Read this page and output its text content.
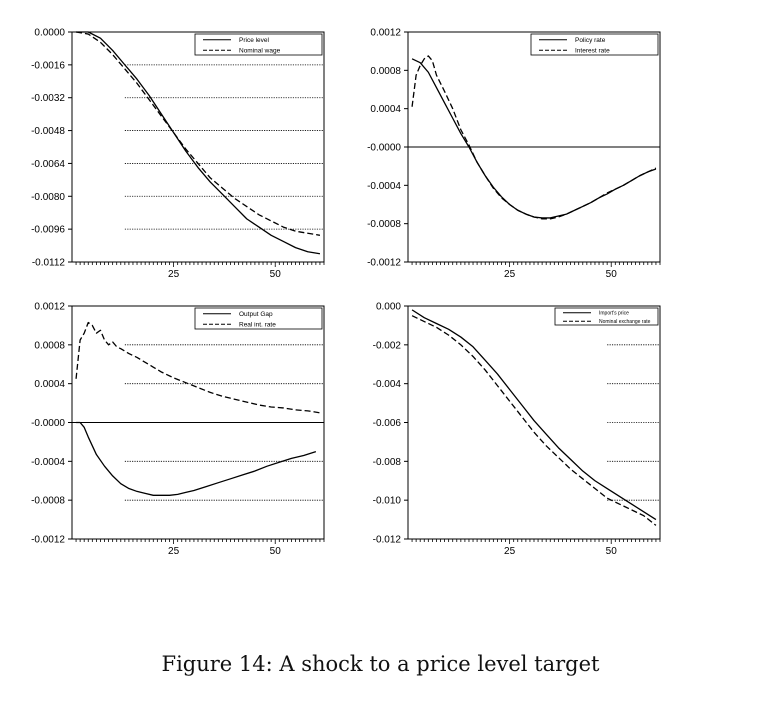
0.0000
-0.0016
-0.0032
-0.0048
-0.0064
-0.0080
-0.0096
-0.0112
25	50
Price level
Nominal wage
0.0012
0.0008
0.0004
-0.0000
-0.0004
-0.0008
-0.0012
25	50
Policy rate
Interest rate
0.0012
0.0008
0.0004
-0.0000
-0.0004
-0.0008
-0.0012
25	50
Output Gap
Real int. rate
0.000
-0.002
-0.004
-0.006
-0.008
-0.010
-0.012
25	50
Import's price
Nominal exchange rate
Figure 14: A shock to a price level target
